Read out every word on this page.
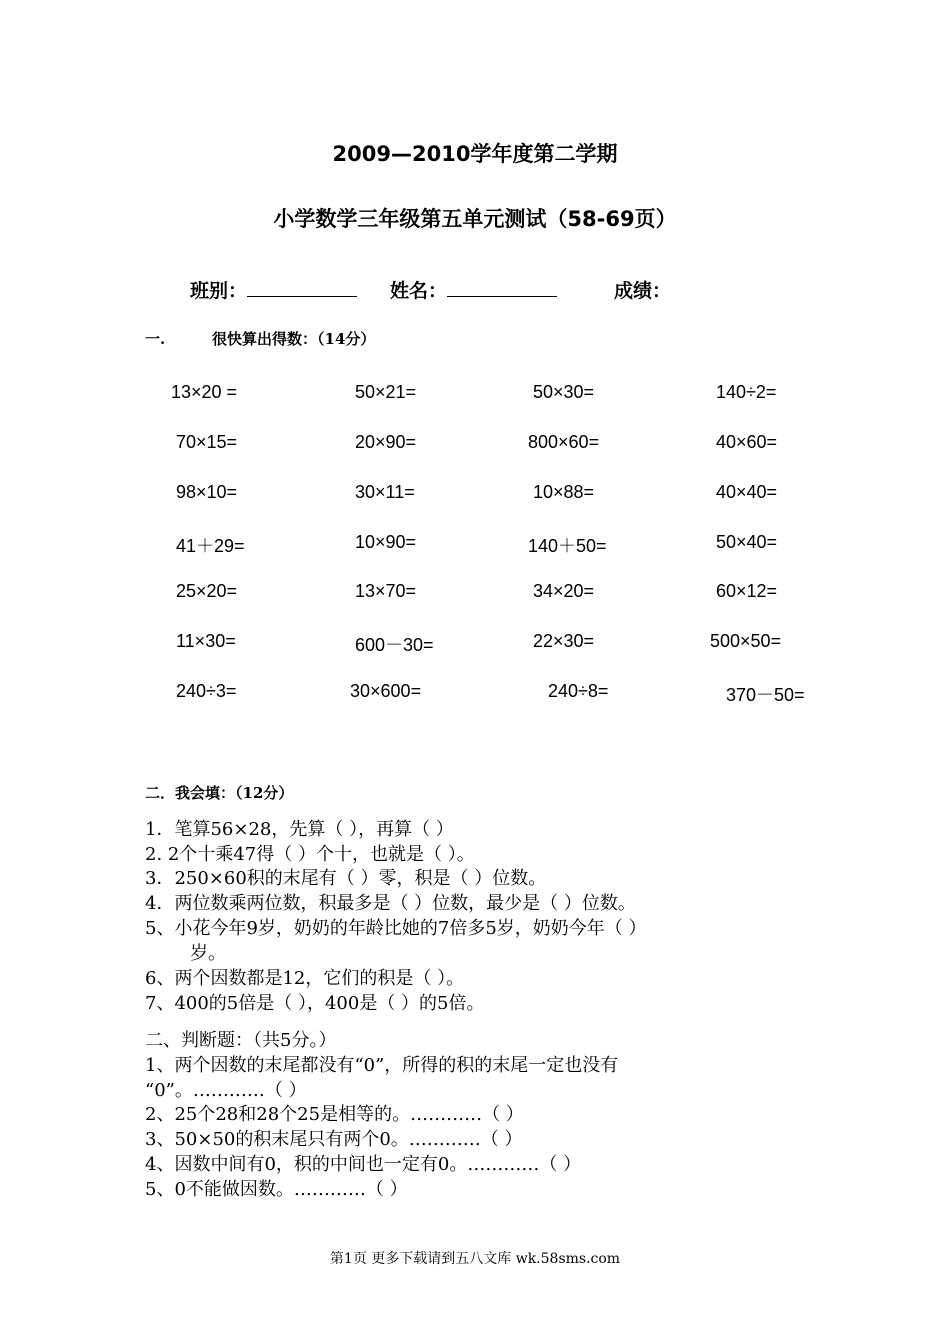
2009—2010学年度第二学期
小学数学三年级第五单元测试（58-69页）
班别：	姓名：	成绩：
一.	很快算出得数：（14分）
13×20 =	50×21=	50×30=	140÷2=
70×15=	20×90=	800×60=	40×60=
98×10=	30×11=	10×88=	40×40=
41＋29=	10×90=	140＋50=	50×40=
25×20=	13×70=	34×20=	60×12=
11×30=	600－30=	22×30=	500×50=
240÷3=	30×600=	240÷8=	370－50=
二．我会填：（12分）
1．笔算56×28，先算（ ），再算（ ）
2. 2个十乘47得（ ）个十，也就是（ ）。
3．250×60积的末尾有（ ）零，积是（ ）位数。
4．两位数乘两位数，积最多是（ ）位数，最少是（ ）位数。
5、小花今年9岁，奶奶的年龄比她的7倍多5岁，奶奶今年（ ）
岁。
6、两个因数都是12，它们的积是（ ）。
7、400的5倍是（ ），400是（ ）的5倍。
二、判断题：（共5分。）
1、两个因数的末尾都没有“0”，所得的积的末尾一定也没有
“0”。…………（ ）
2、25个28和28个25是相等的。…………（ ）
3、50×50的积末尾只有两个0。…………（ ）
4、因数中间有0，积的中间也一定有0。…………（ ）
5、0不能做因数。…………（ ）
第1页 更多下载请到五八文库 wk.58sms.com
